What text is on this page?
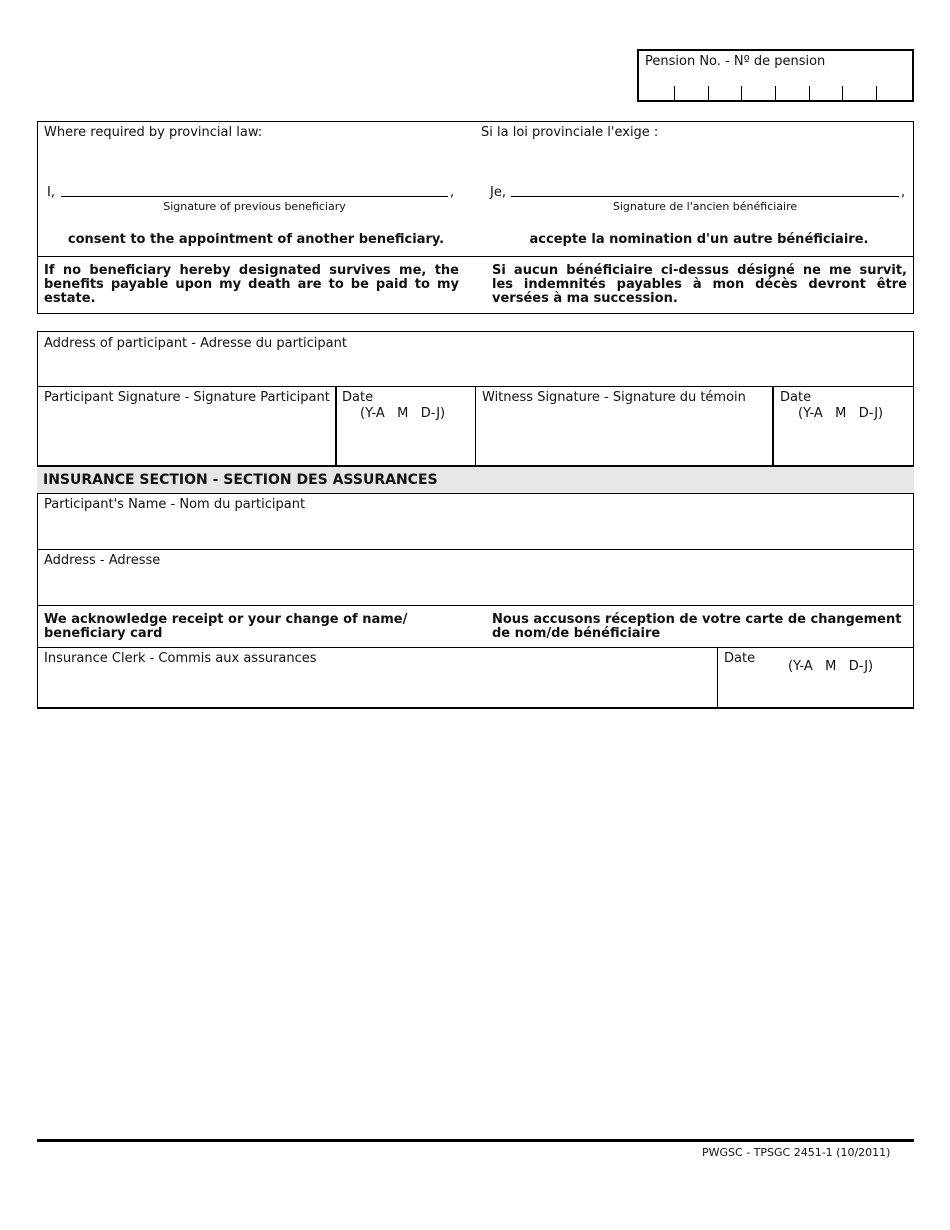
Pension No. - Nº de pension
Where required by provincial law:	Si la loi provinciale l'exige :
I,	,
Signature of previous beneficiary
Je,	,
Signature de l'ancien bénéficiaire
consent to the appointment of another beneficiary.	accepte la nomination d'un autre bénéficiaire.
If no beneficiary hereby designated survives me, the benefits payable upon my death are to be paid to my estate.
Si aucun bénéficiaire ci-dessus désigné ne me survit, les indemnités payables à mon décès devront être versées à ma succession.
Address of participant - Adresse du participant
Participant Signature - Signature Participant Date
(Y-A   M   D-J)
Witness Signature - Signature du témoin	Date
(Y-A   M   D-J)
INSURANCE SECTION - SECTION DES ASSURANCES
Participant's Name - Nom du participant
Address - Adresse
We acknowledge receipt or your change of name/ beneficiary card
Nous accusons réception de votre carte de changement de nom/de bénéficiaire
Insurance Clerk - Commis aux assurances	Date
(Y-A   M   D-J)
PWGSC - TPSGC 2451-1 (10/2011)
